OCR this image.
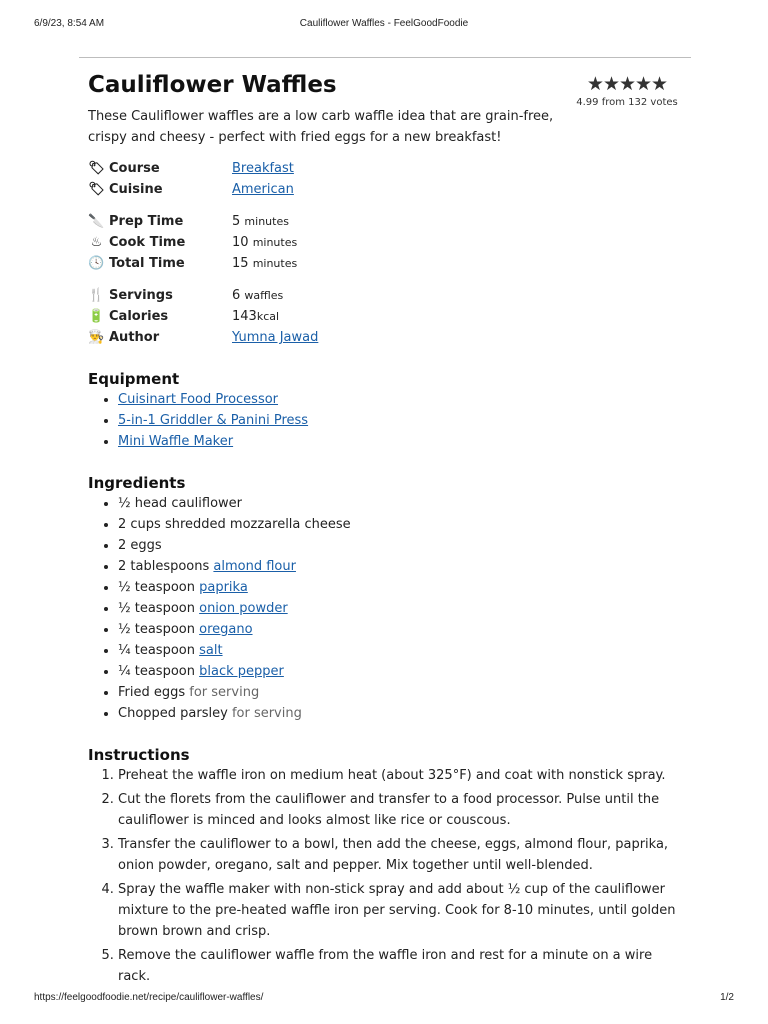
6/9/23, 8:54 AM	Cauliflower Waffles - FeelGoodFoodie
Cauliflower Waffles	★★★★★
4.99 from 132 votes

These Cauliflower waffles are a low carb waffle idea that are grain-free, crispy and cheesy - perfect with fried eggs for a new breakfast!

🏷 Course	Breakfast
🏷 Cuisine	American
🔪 Prep Time	5 minutes
♨ Cook Time	10 minutes
🕓 Total Time	15 minutes
🍴 Servings	6 waffles
🔋 Calories	143kcal
👨‍🍳 Author	Yumna Jawad
Equipment
• Cuisinart Food Processor
• 5-in-1 Griddler & Panini Press
• Mini Waffle Maker
Ingredients
• ½ head cauliflower
• 2 cups shredded mozzarella cheese
• 2 eggs
• 2 tablespoons almond flour
• ½ teaspoon paprika
• ½ teaspoon onion powder
• ½ teaspoon oregano
• ¼ teaspoon salt
• ¼ teaspoon black pepper
• Fried eggs for serving
• Chopped parsley for serving
Instructions
1. Preheat the waffle iron on medium heat (about 325°F) and coat with nonstick spray.
2. Cut the florets from the cauliflower and transfer to a food processor. Pulse until the cauliflower is minced and looks almost like rice or couscous.
3. Transfer the cauliflower to a bowl, then add the cheese, eggs, almond flour, paprika, onion powder, oregano, salt and pepper. Mix together until well-blended.
4. Spray the waffle maker with non-stick spray and add about ½ cup of the cauliflower mixture to the pre-heated waffle iron per serving. Cook for 8-10 minutes, until golden brown brown and crisp.
5. Remove the cauliflower waffle from the waffle iron and rest for a minute on a wire rack.
https://feelgoodfoodie.net/recipe/cauliflower-waffles/	1/2
